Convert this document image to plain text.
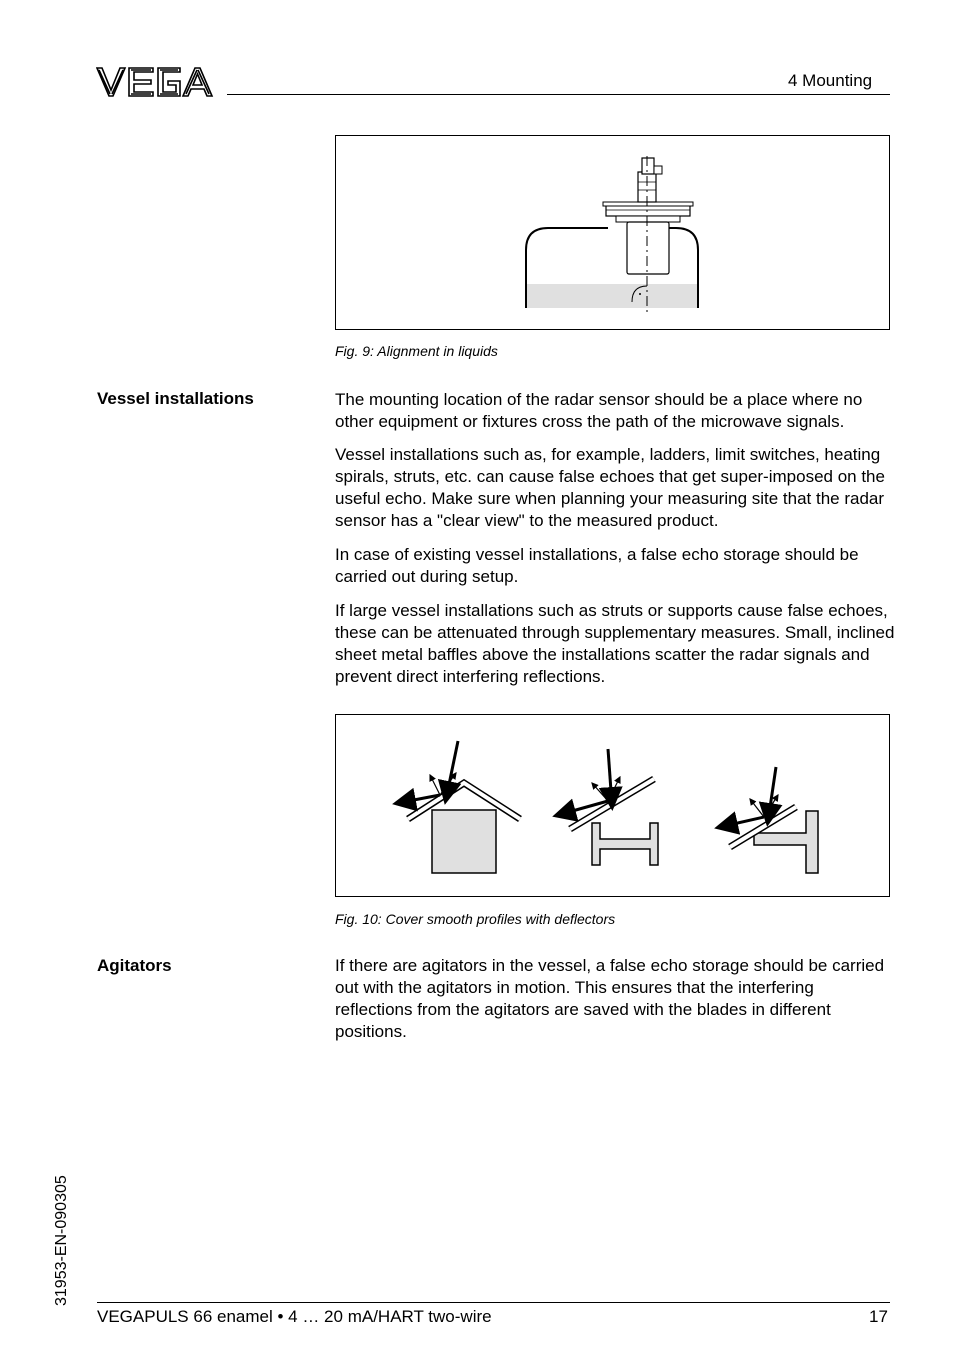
4 Mounting
Fig. 9: Alignment in liquids
Vessel installations	The mounting location of the radar sensor should be a place where no other equipment or fixtures cross the path of the microwave signals.

Vessel installations such as, for example, ladders, limit switches, heating spirals, struts, etc. can cause false echoes that get super-imposed on the useful echo. Make sure when planning your measuring site that the radar sensor has a "clear view" to the measured product.

In case of existing vessel installations, a false echo storage should be carried out during setup.

If large vessel installations such as struts or supports cause false echoes, these can be attenuated through supplementary measures. Small, inclined sheet metal baffles above the installations scatter the radar signals and prevent direct interfering reflections.

Fig. 10: Cover smooth profiles with deflectors
Agitators	If there are agitators in the vessel, a false echo storage should be carried out with the agitators in motion. This ensures that the interfering reflections from the agitators are saved with the blades in different positions.

31953-EN-090305
VEGAPULS 66 enamel • 4 … 20 mA/HART two-wire	17
